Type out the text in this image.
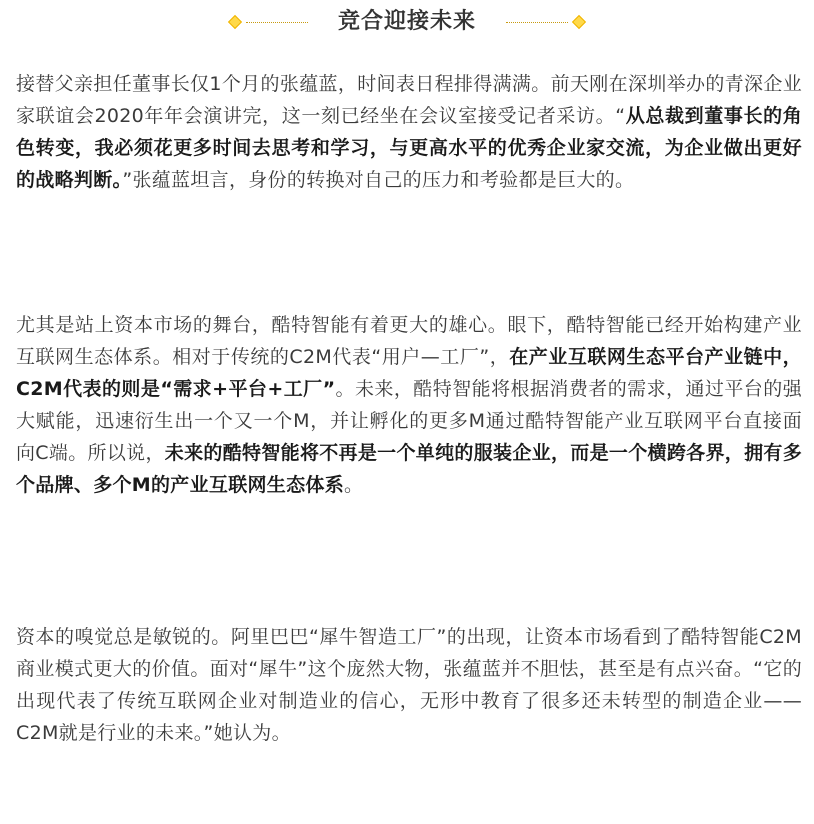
竞合迎接未来

接替父亲担任董事长仅1个月的张蕴蓝，时间表日程排得满满。前天刚在深圳举办的青深企业家联谊会2020年年会演讲完，这一刻已经坐在会议室接受记者采访。“从总裁到董事长的角色转变，我必须花更多时间去思考和学习，与更高水平的优秀企业家交流，为企业做出更好的战略判断。”张蕴蓝坦言，身份的转换对自己的压力和考验都是巨大的。

尤其是站上资本市场的舞台，酷特智能有着更大的雄心。眼下，酷特智能已经开始构建产业互联网生态体系。相对于传统的C2M代表“用户—工厂”，在产业互联网生态平台产业链中，C2M代表的则是“需求+平台+工厂”。未来，酷特智能将根据消费者的需求，通过平台的强大赋能，迅速衍生出一个又一个M，并让孵化的更多M通过酷特智能产业互联网平台直接面向C端。所以说，未来的酷特智能将不再是一个单纯的服装企业，而是一个横跨各界，拥有多个品牌、多个M的产业互联网生态体系。

资本的嗅觉总是敏锐的。阿里巴巴“犀牛智造工厂”的出现，让资本市场看到了酷特智能C2M商业模式更大的价值。面对“犀牛”这个庞然大物，张蕴蓝并不胆怯，甚至是有点兴奋。“它的出现代表了传统互联网企业对制造业的信心，无形中教育了很多还未转型的制造企业——C2M就是行业的未来。”她认为。
